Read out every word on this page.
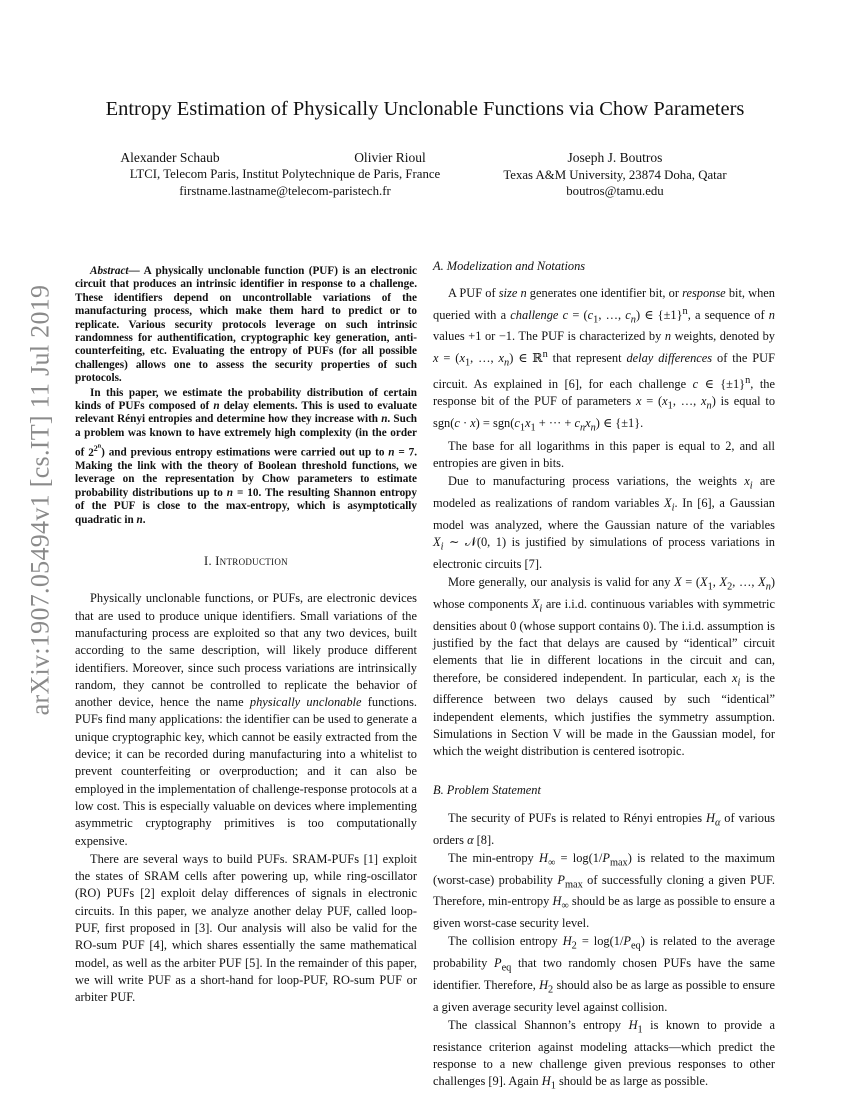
arXiv:1907.05494v1 [cs.IT] 11 Jul 2019
Entropy Estimation of Physically Unclonable Functions via Chow Parameters
Alexander Schaub	Olivier Rioul
LTCI, Telecom Paris, Institut Polytechnique de Paris, France
firstname.lastname@telecom-paristech.fr
Joseph J. Boutros
Texas A&M University, 23874 Doha, Qatar
boutros@tamu.edu

Abstract— A physically unclonable function (PUF) is an electronic circuit that produces an intrinsic identifier in response to a challenge. These identifiers depend on uncontrollable variations of the manufacturing process, which make them hard to predict or to replicate. Various security protocols leverage on such intrinsic randomness for authentification, cryptographic key generation, anti-counterfeiting, etc. Evaluating the entropy of PUFs (for all possible challenges) allows one to assess the security properties of such protocols.

In this paper, we estimate the probability distribution of certain kinds of PUFs composed of n delay elements. This is used to evaluate relevant Rényi entropies and determine how they increase with n. Such a problem was known to have extremely high complexity (in the order of $2^{2^n}$) and previous entropy estimations were carried out up to n = 7. Making the link with the theory of Boolean threshold functions, we leverage on the representation by Chow parameters to estimate probability distributions up to n = 10. The resulting Shannon entropy of the PUF is close to the max-entropy, which is asymptotically quadratic in n.

I. Introduction

Physically unclonable functions, or PUFs, are electronic devices that are used to produce unique identifiers. Small variations of the manufacturing process are exploited so that any two devices, built according to the same description, will likely produce different identifiers. Moreover, since such process variations are intrinsically random, they cannot be controlled to replicate the behavior of another device, hence the name physically unclonable functions. PUFs find many applications: the identifier can be used to generate a unique cryptographic key, which cannot be easily extracted from the device; it can be recorded during manufacturing into a whitelist to prevent counterfeiting or overproduction; and it can also be employed in the implementation of challenge-response protocols at a low cost. This is especially valuable on devices where implementing asymmetric cryptography primitives is too computationally expensive.

There are several ways to build PUFs. SRAM-PUFs [1] exploit the states of SRAM cells after powering up, while ring-oscillator (RO) PUFs [2] exploit delay differences of signals in electronic circuits. In this paper, we analyze another delay PUF, called loop-PUF, first proposed in [3]. Our analysis will also be valid for the RO-sum PUF [4], which shares essentially the same mathematical model, as well as the arbiter PUF [5]. In the remainder of this paper, we will write PUF as a short-hand for loop-PUF, RO-sum PUF or arbiter PUF.

A. Modelization and Notations

A PUF of size n generates one identifier bit, or response bit, when queried with a challenge $c = (c_1$, …, $c_n$) ∈ $\{\pm 1\}^n$, a sequence of n values +1 or −1. The PUF is characterized by n weights, denoted by $x = (x_1$, …, $x_n$) ∈ ℝ$^n$ that represent delay differences of the PUF circuit. As explained in [6], for each challenge c ∈ $\{\pm 1\}^n$, the response bit of the PUF of parameters $x = (x_1$, …, $x_n$) is equal to $sgn(c \cdot x) = sgn(c_1x_1$ + ··· + $c_nx_n$) ∈ {±1}.

The base for all logarithms in this paper is equal to 2, and all entropies are given in bits.

Due to manufacturing process variations, the weights $x_i$ are modeled as realizations of random variables $X_i$. In [6], a Gaussian model was analyzed, where the Gaussian nature of the variables $X_i$ ∼ 𝒩(0, 1) is justified by simulations of process variations in electronic circuits [7].

More generally, our analysis is valid for any $X = (X_1$, $X_2$, …, $X_n$) whose components $X_i$ are i.i.d. continuous variables with symmetric densities about 0 (whose support contains 0). The i.i.d. assumption is justified by the fact that delays are caused by “identical” circuit elements that lie in different locations in the circuit and can, therefore, be considered independent. In particular, each $x_i$ is the difference between two delays caused by such “identical” independent elements, which justifies the symmetry assumption. Simulations in Section V will be made in the Gaussian model, for which the weight distribution is centered isotropic.

B. Problem Statement

The security of PUFs is related to Rényi entropies $H_\alpha$ of various orders α [8].

The min-entropy $H_\infty = \log(1/P_{max})$ is related to the maximum (worst-case) probability $P_{max}$ of successfully cloning a given PUF. Therefore, min-entropy $H_\infty$ should be as large as possible to ensure a given worst-case security level.

The collision entropy $H_2 = \log(1/P_{eq})$ is related to the average probability $P_{eq}$ that two randomly chosen PUFs have the same identifier. Therefore, $H_2$ should also be as large as possible to ensure a given average security level against collision.

The classical Shannon’s entropy $H_1$ is known to provide a resistance criterion against modeling attacks—which predict the response to a new challenge given previous responses to other challenges [9]. Again $H_1$ should be as large as possible.
